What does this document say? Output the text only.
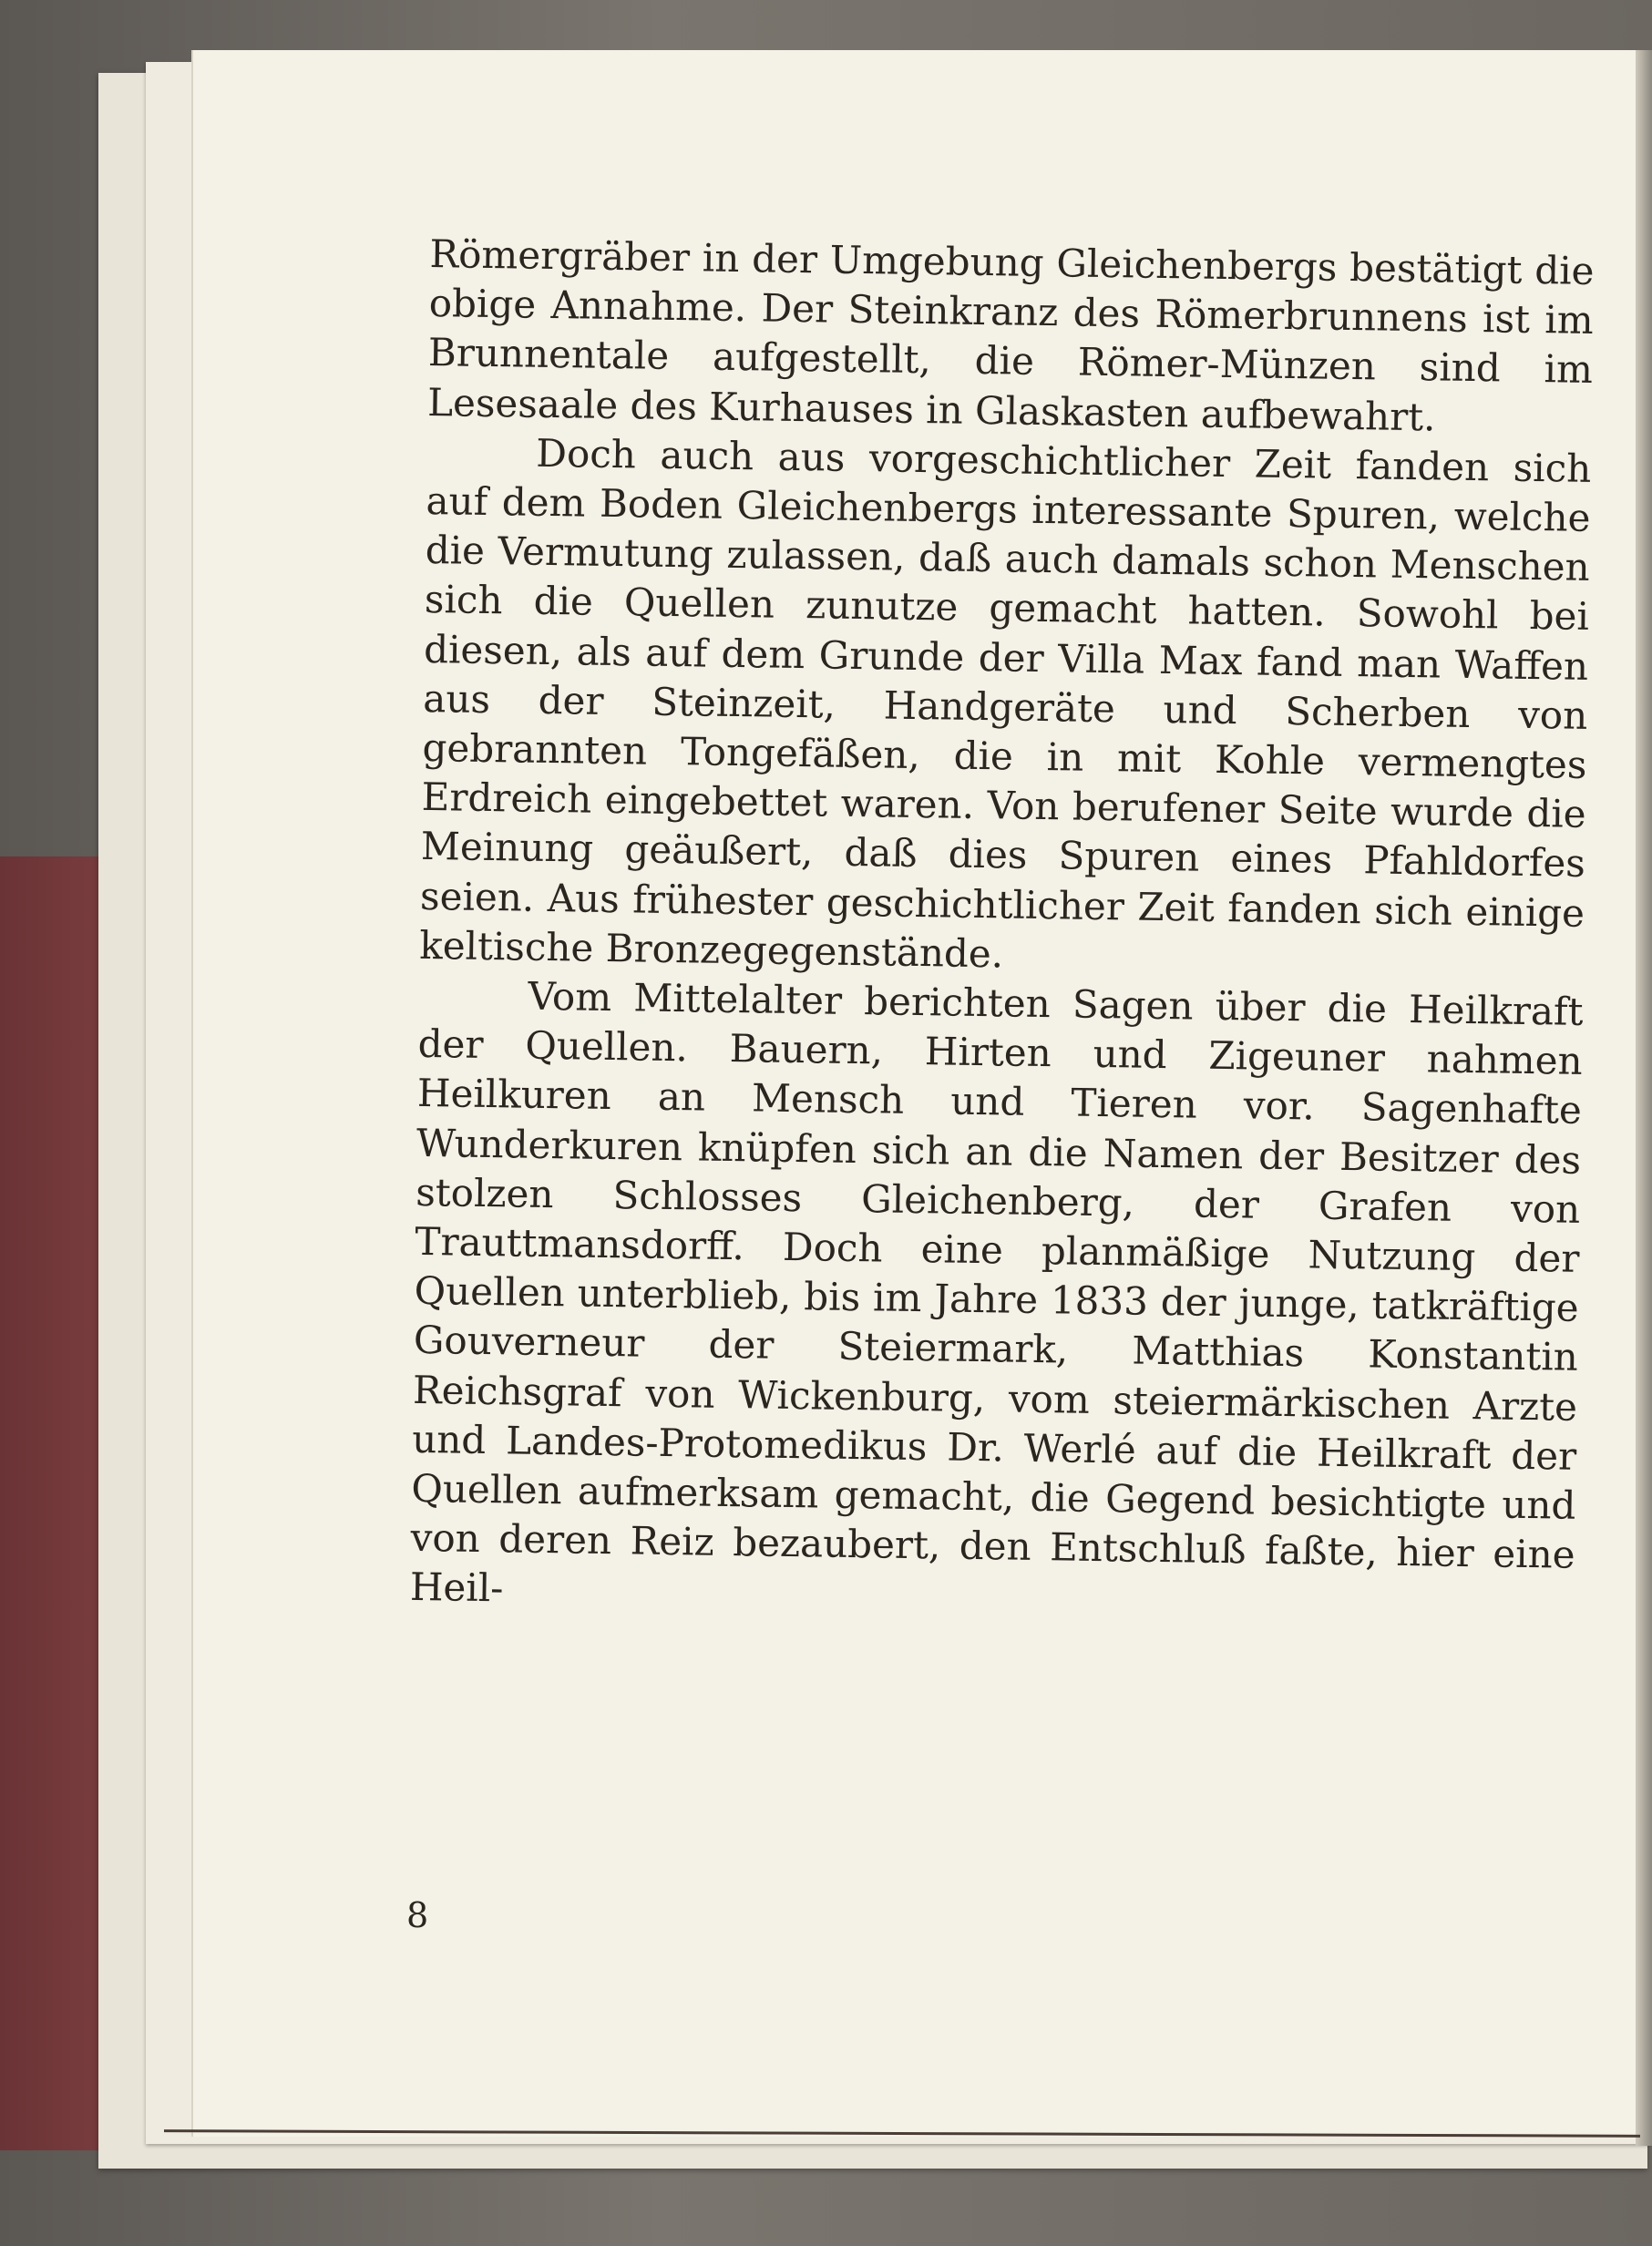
Römergräber in der Umgebung Gleichenbergs bestätigt die obige Annahme. Der Steinkranz des Römerbrunnens ist im Brunnentale aufgestellt, die Römer-Münzen sind im Lesesaale des Kurhauses in Glaskasten aufbewahrt.

Doch auch aus vorgeschichtlicher Zeit fanden sich auf dem Boden Gleichenbergs interessante Spuren, welche die Vermutung zulassen, daß auch damals schon Menschen sich die Quellen zunutze gemacht hatten. Sowohl bei diesen, als auf dem Grunde der Villa Max fand man Waffen aus der Steinzeit, Handgeräte und Scherben von gebrannten Tongefäßen, die in mit Kohle vermengtes Erdreich eingebettet waren. Von berufener Seite wurde die Meinung geäußert, daß dies Spuren eines Pfahldorfes seien. Aus frühester geschichtlicher Zeit fanden sich einige keltische Bronzegegenstände.

Vom Mittelalter berichten Sagen über die Heilkraft der Quellen. Bauern, Hirten und Zigeuner nahmen Heilkuren an Mensch und Tieren vor. Sagenhafte Wunderkuren knüpfen sich an die Namen der Besitzer des stolzen Schlosses Gleichenberg, der Grafen von Trauttmansdorff. Doch eine planmäßige Nutzung der Quellen unterblieb, bis im Jahre 1833 der junge, tatkräftige Gouverneur der Steiermark, Matthias Konstantin Reichsgraf von Wickenburg, vom steiermärkischen Arzte und Landes-Protomedikus Dr. Werlé auf die Heilkraft der Quellen aufmerksam gemacht, die Gegend besichtigte und von deren Reiz bezaubert, den Entschluß faßte, hier eine Heil-

8
